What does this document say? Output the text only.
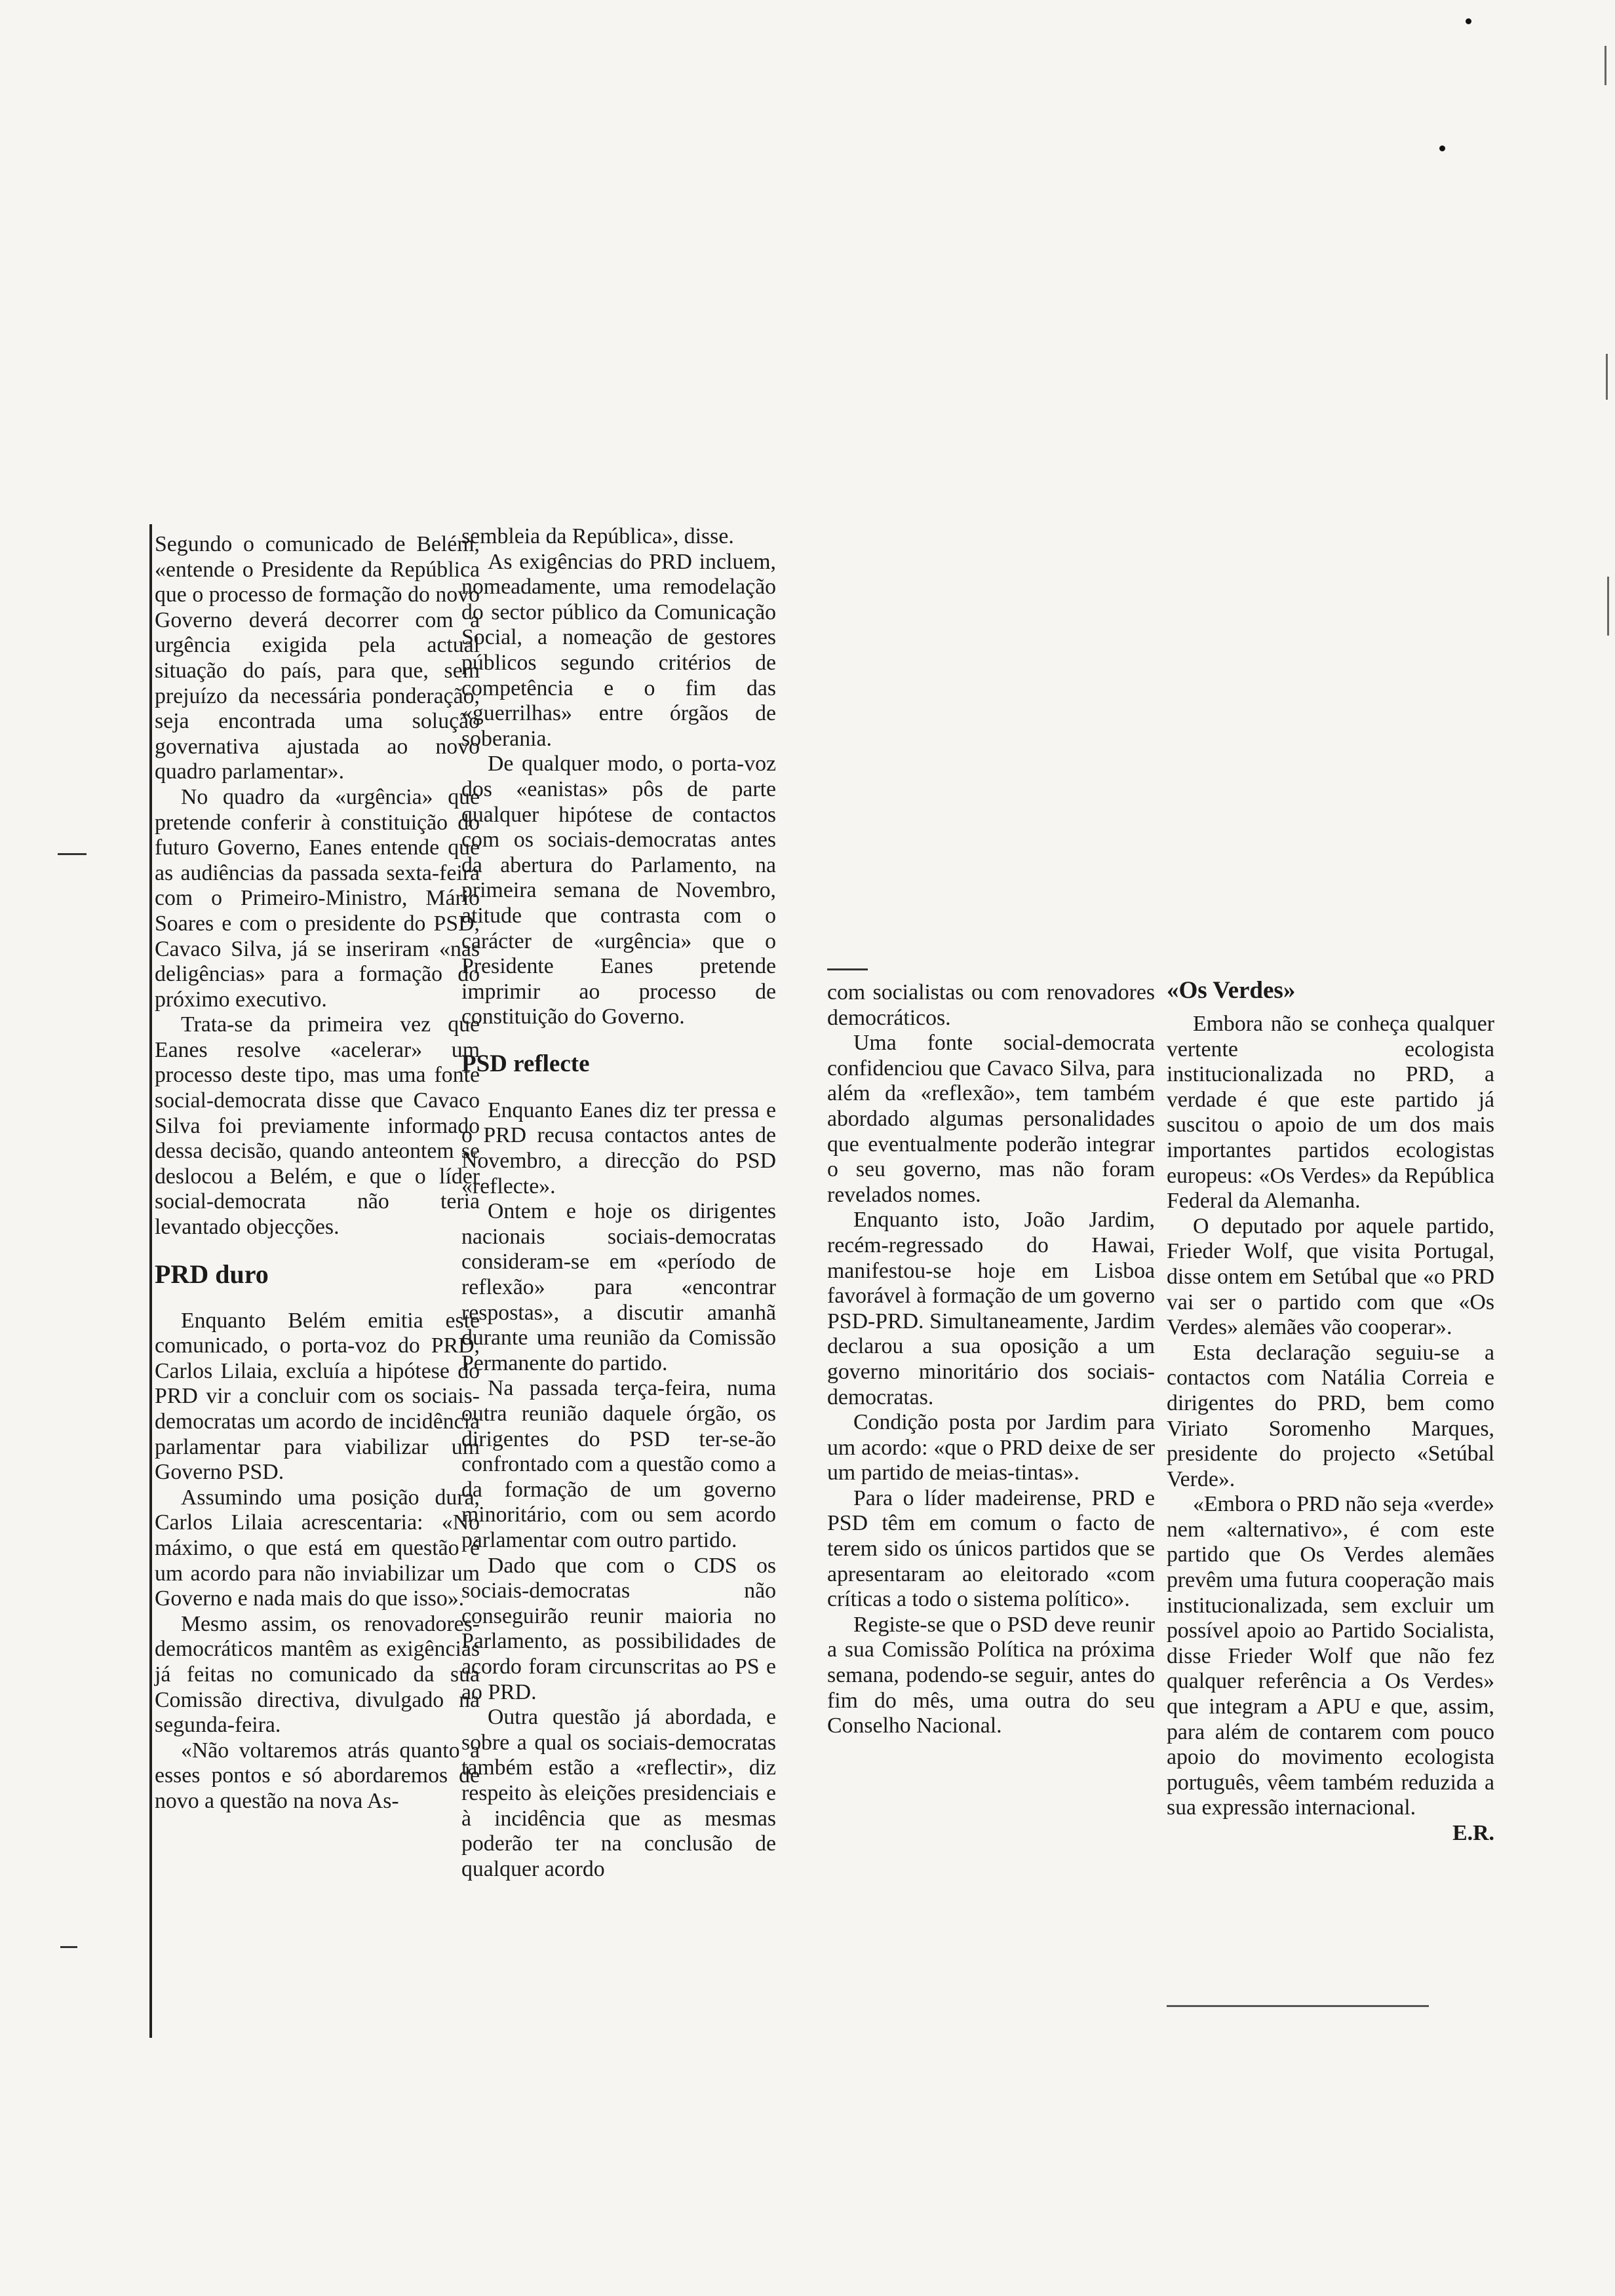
Segundo o comunicado de Belém, «entende o Presidente da República que o processo de formação do novo Governo deverá decorrer com a urgência exigida pela actual situação do país, para que, sem prejuízo da necessária ponderação, seja encontrada uma solução governativa ajustada ao novo quadro parlamentar».

No quadro da «urgência» que pretende conferir à constituição do futuro Governo, Eanes entende que as audiências da passada sexta-feira com o Primeiro-Ministro, Mário Soares e com o presidente do PSD, Cavaco Silva, já se inseriram «nas deligências» para a formação do próximo executivo.

Trata-se da primeira vez que Eanes resolve «acelerar» um processo deste tipo, mas uma fonte social-democrata disse que Cavaco Silva foi previamente informado dessa decisão, quando anteontem se deslocou a Belém, e que o líder social-democrata não teria levantado objecções.

PRD duro

Enquanto Belém emitia este comunicado, o porta-voz do PRD, Carlos Lilaia, excluía a hipótese do PRD vir a concluir com os sociais-democratas um acordo de incidência parlamentar para viabilizar um Governo PSD.

Assumindo uma posição dura, Carlos Lilaia acrescentaria: «No máximo, o que está em questão é um acordo para não inviabilizar um Governo e nada mais do que isso».

Mesmo assim, os renovadores-democráticos mantêm as exigências já feitas no comunicado da sua Comissão directiva, divulgado na segunda-feira.

«Não voltaremos atrás quanto a esses pontos e só abordaremos de novo a questão na nova As-

sembleia da República», disse.

As exigências do PRD incluem, nomeadamente, uma remodelação do sector público da Comunicação Social, a nomeação de gestores públicos segundo critérios de competência e o fim das «guerrilhas» entre órgãos de soberania.

De qualquer modo, o porta-voz dos «eanistas» pôs de parte qualquer hipótese de contactos com os sociais-democratas antes da abertura do Parlamento, na primeira semana de Novembro, atitude que contrasta com o carácter de «urgência» que o Presidente Eanes pretende imprimir ao processo de constituição do Governo.

PSD reflecte

Enquanto Eanes diz ter pressa e o PRD recusa contactos antes de Novembro, a direcção do PSD «reflecte».

Ontem e hoje os dirigentes nacionais sociais-democratas consideram-se em «período de reflexão» para «encontrar respostas», a discutir amanhã durante uma reunião da Comissão Permanente do partido.

Na passada terça-feira, numa outra reunião daquele órgão, os dirigentes do PSD ter-se-ão confrontado com a questão como a da formação de um governo minoritário, com ou sem acordo parlamentar com outro partido.

Dado que com o CDS os sociais-democratas não conseguirão reunir maioria no Parlamento, as possibilidades de acordo foram circunscritas ao PS e ao PRD.

Outra questão já abordada, e sobre a qual os sociais-democratas também estão a «reflectir», diz respeito às eleições presidenciais e à incidência que as mesmas poderão ter na conclusão de qualquer acordo

com socialistas ou com renovadores democráticos.

Uma fonte social-democrata confidenciou que Cavaco Silva, para além da «reflexão», tem também abordado algumas personalidades que eventualmente poderão integrar o seu governo, mas não foram revelados nomes.

Enquanto isto, João Jardim, recém-regressado do Hawai, manifestou-se hoje em Lisboa favorável à formação de um governo PSD-PRD. Simultaneamente, Jardim declarou a sua oposição a um governo minoritário dos sociais-democratas.

Condição posta por Jardim para um acordo: «que o PRD deixe de ser um partido de meias-tintas».

Para o líder madeirense, PRD e PSD têm em comum o facto de terem sido os únicos partidos que se apresentaram ao eleitorado «com críticas a todo o sistema político».

Registe-se que o PSD deve reunir a sua Comissão Política na próxima semana, podendo-se seguir, antes do fim do mês, uma outra do seu Conselho Nacional.

«Os Verdes»

Embora não se conheça qualquer vertente ecologista institucionalizada no PRD, a verdade é que este partido já suscitou o apoio de um dos mais importantes partidos ecologistas europeus: «Os Verdes» da República Federal da Alemanha.

O deputado por aquele partido, Frieder Wolf, que visita Portugal, disse ontem em Setúbal que «o PRD vai ser o partido com que «Os Verdes» alemães vão cooperar».

Esta declaração seguiu-se a contactos com Natália Correia e dirigentes do PRD, bem como Viriato Soromenho Marques, presidente do projecto «Setúbal Verde».

«Embora o PRD não seja «verde» nem «alternativo», é com este partido que Os Verdes alemães prevêm uma futura cooperação mais institucionalizada, sem excluir um possível apoio ao Partido Socialista, disse Frieder Wolf que não fez qualquer referência a Os Verdes» que integram a APU e que, assim, para além de contarem com pouco apoio do movimento ecologista português, vêem também reduzida a sua expressão internacional.

E.R.
